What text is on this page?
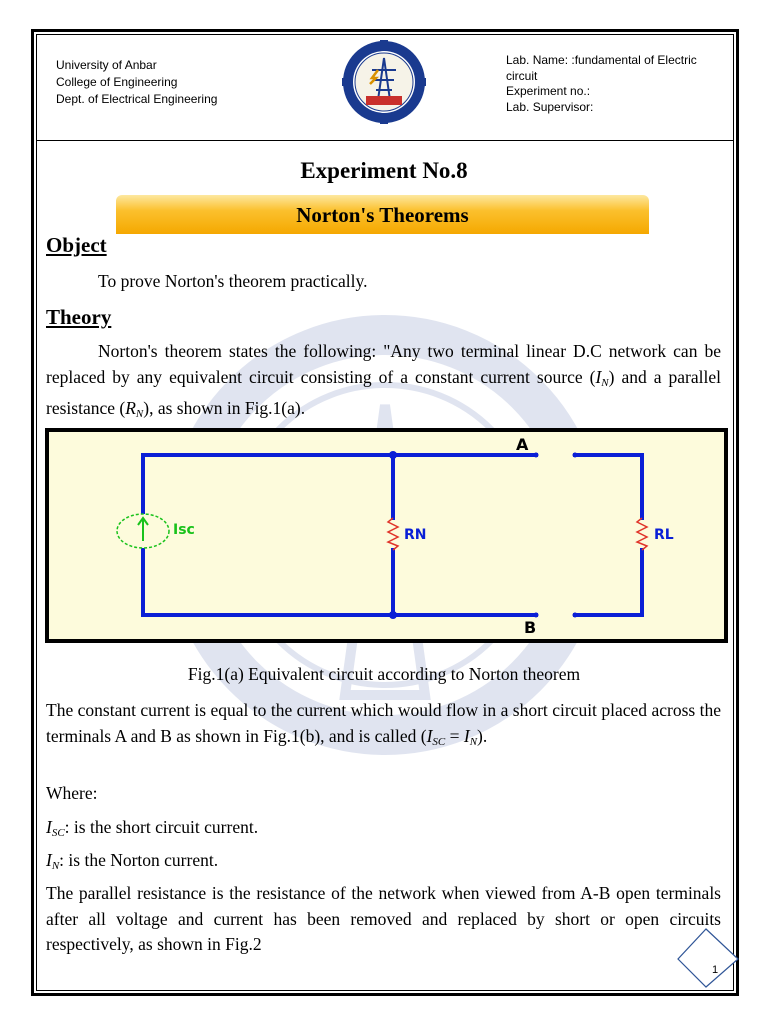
University of Anbar
College of Engineering
Dept. of Electrical Engineering
Lab. Name: :fundamental of Electric circuit
Experiment no.:
Lab. Supervisor:
Experiment No.8
Norton's Theorems
Object
To prove Norton's theorem practically.
Theory
Norton's theorem states the following: "Any two terminal linear D.C network can be replaced by any equivalent circuit consisting of a constant current source $(I_N)$ and a parallel resistance $(R_N)$, as shown in Fig.1(a).
Isc	RN	RL
A
B
Fig.1(a) Equivalent circuit according to Norton theorem
The constant current is equal to the current which would flow in a short circuit placed across the terminals A and B as shown in Fig.1(b), and is called $(I_{SC} = I_N)$.
Where:
$I_{SC}$: is the short circuit current.
$I_N$: is the Norton current.
The parallel resistance is the resistance of the network when viewed from A-B open terminals after all voltage and current has been removed and replaced by short or open circuits respectively, as shown in Fig.2
1
